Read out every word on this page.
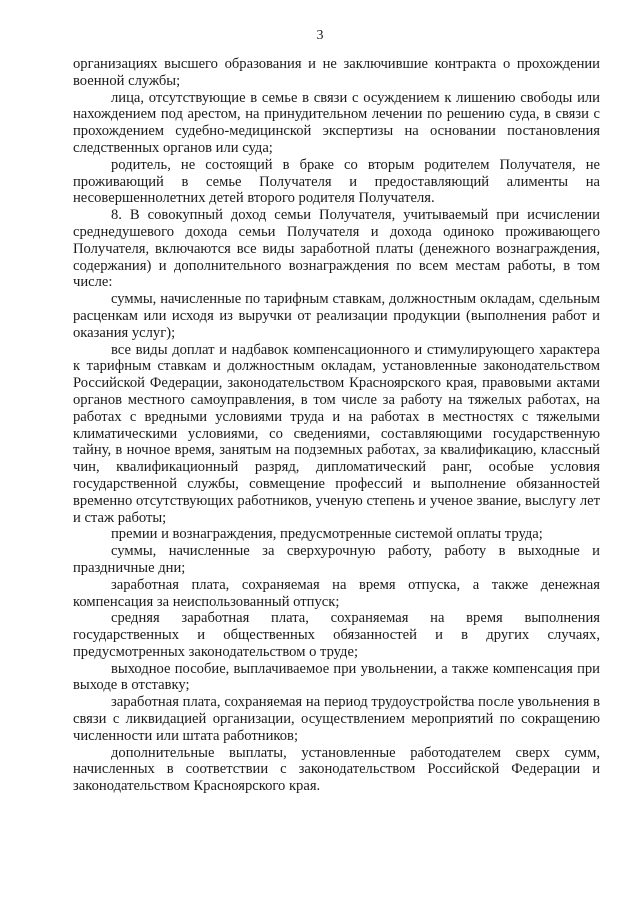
3

организациях высшего образования и не заключившие контракта о прохождении военной службы;

лица, отсутствующие в семье в связи с осуждением к лишению свободы или нахождением под арестом, на принудительном лечении по решению суда, в связи с прохождением судебно-медицинской экспертизы на основании постановления следственных органов или суда;

родитель, не состоящий в браке со вторым родителем Получателя, не проживающий в семье Получателя и предоставляющий алименты на несовершеннолетних детей второго родителя Получателя.

8. В совокупный доход семьи Получателя, учитываемый при исчислении среднедушевого дохода семьи Получателя и дохода одиноко проживающего Получателя, включаются все виды заработной платы (денежного вознаграждения, содержания) и дополнительного вознаграждения по всем местам работы, в том числе:

суммы, начисленные по тарифным ставкам, должностным окладам, сдельным расценкам или исходя из выручки от реализации продукции (выполнения работ и оказания услуг);

все виды доплат и надбавок компенсационного и стимулирующего характера к тарифным ставкам и должностным окладам, установленные законодательством Российской Федерации, законодательством Красноярского края, правовыми актами органов местного самоуправления, в том числе за работу на тяжелых работах, на работах с вредными условиями труда и на работах в местностях с тяжелыми климатическими условиями, со сведениями, составляющими государственную тайну, в ночное время, занятым на подземных работах, за квалификацию, классный чин, квалификационный разряд, дипломатический ранг, особые условия государственной службы, совмещение профессий и выполнение обязанностей временно отсутствующих работников, ученую степень и ученое звание, выслугу лет и стаж работы;

премии и вознаграждения, предусмотренные системой оплаты труда;

суммы, начисленные за сверхурочную работу, работу в выходные и праздничные дни;

заработная плата, сохраняемая на время отпуска, а также денежная компенсация за неиспользованный отпуск;

средняя заработная плата, сохраняемая на время выполнения государственных и общественных обязанностей и в других случаях, предусмотренных законодательством о труде;

выходное пособие, выплачиваемое при увольнении, а также компенсация при выходе в отставку;

заработная плата, сохраняемая на период трудоустройства после увольнения в связи с ликвидацией организации, осуществлением мероприятий по сокращению численности или штата работников;

дополнительные выплаты, установленные работодателем сверх сумм, начисленных в соответствии с законодательством Российской Федерации и законодательством Красноярского края.
